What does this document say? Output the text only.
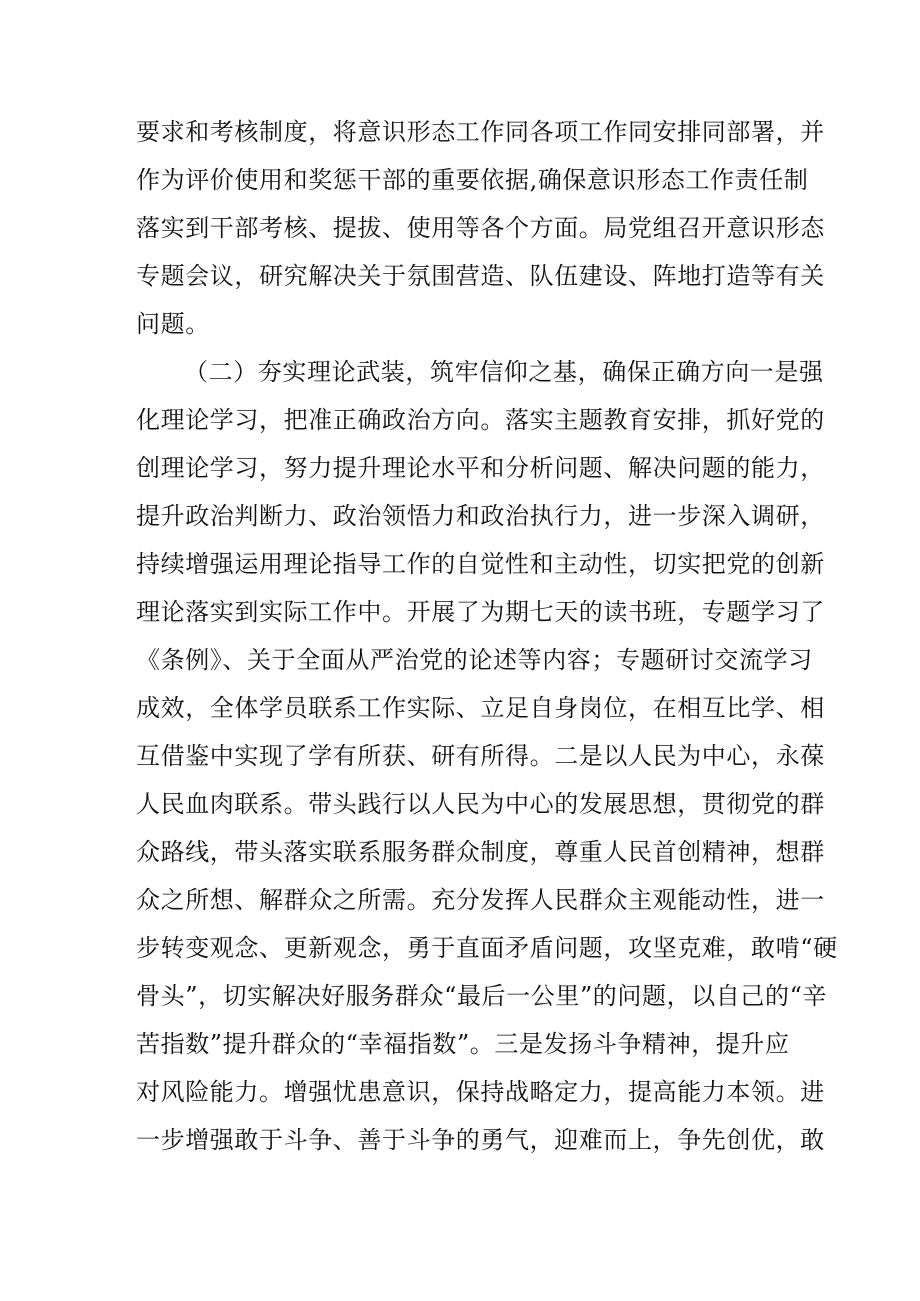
要求和考核制度，将意识形态工作同各项工作同安排同部署，并
作为评价使用和奖惩干部的重要依据,确保意识形态工作责任制
落实到干部考核、提拔、使用等各个方面。局党组召开意识形态
专题会议，研究解决关于氛围营造、队伍建设、阵地打造等有关
问题。
（二）夯实理论武装，筑牢信仰之基，确保正确方向一是强
化理论学习，把准正确政治方向。落实主题教育安排，抓好党的
创理论学习，努力提升理论水平和分析问题、解决问题的能力，
提升政治判断力、政治领悟力和政治执行力，进一步深入调研，
持续增强运用理论指导工作的自觉性和主动性，切实把党的创新
理论落实到实际工作中。开展了为期七天的读书班，专题学习了
《条例》、关于全面从严治党的论述等内容；专题研讨交流学习
成效，全体学员联系工作实际、立足自身岗位，在相互比学、相
互借鉴中实现了学有所获、研有所得。二是以人民为中心，永葆
人民血肉联系。带头践行以人民为中心的发展思想，贯彻党的群
众路线，带头落实联系服务群众制度，尊重人民首创精神，想群
众之所想、解群众之所需。充分发挥人民群众主观能动性，进一
步转变观念、更新观念，勇于直面矛盾问题，攻坚克难，敢啃“硬
骨头”，切实解决好服务群众“最后一公里”的问题，以自己的“辛
苦指数”提升群众的“幸福指数”。三是发扬斗争精神，提升应
对风险能力。增强忧患意识，保持战略定力，提高能力本领。进
一步增强敢于斗争、善于斗争的勇气，迎难而上，争先创优，敢
